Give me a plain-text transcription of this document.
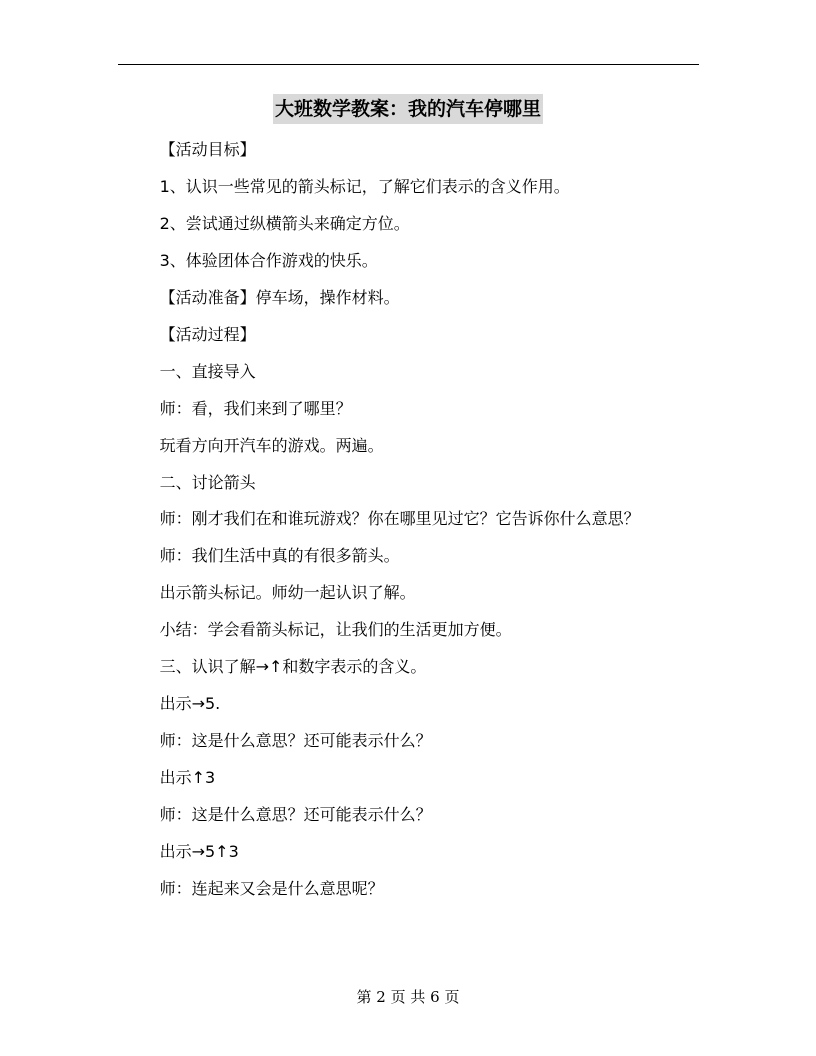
大班数学教案：我的汽车停哪里

【活动目标】

1、认识一些常见的箭头标记，了解它们表示的含义作用。

2、尝试通过纵横箭头来确定方位。

3、体验团体合作游戏的快乐。

【活动准备】停车场，操作材料。

【活动过程】

一、直接导入

师：看，我们来到了哪里？

玩看方向开汽车的游戏。两遍。

二、讨论箭头

师：刚才我们在和谁玩游戏？你在哪里见过它？它告诉你什么意思？

师：我们生活中真的有很多箭头。

出示箭头标记。师幼一起认识了解。

小结：学会看箭头标记，让我们的生活更加方便。

三、认识了解→↑和数字表示的含义。

出示→5.

师：这是什么意思？还可能表示什么？

出示↑3

师：这是什么意思？还可能表示什么？

出示→5↑3

师：连起来又会是什么意思呢？

第 2 页 共 6 页
